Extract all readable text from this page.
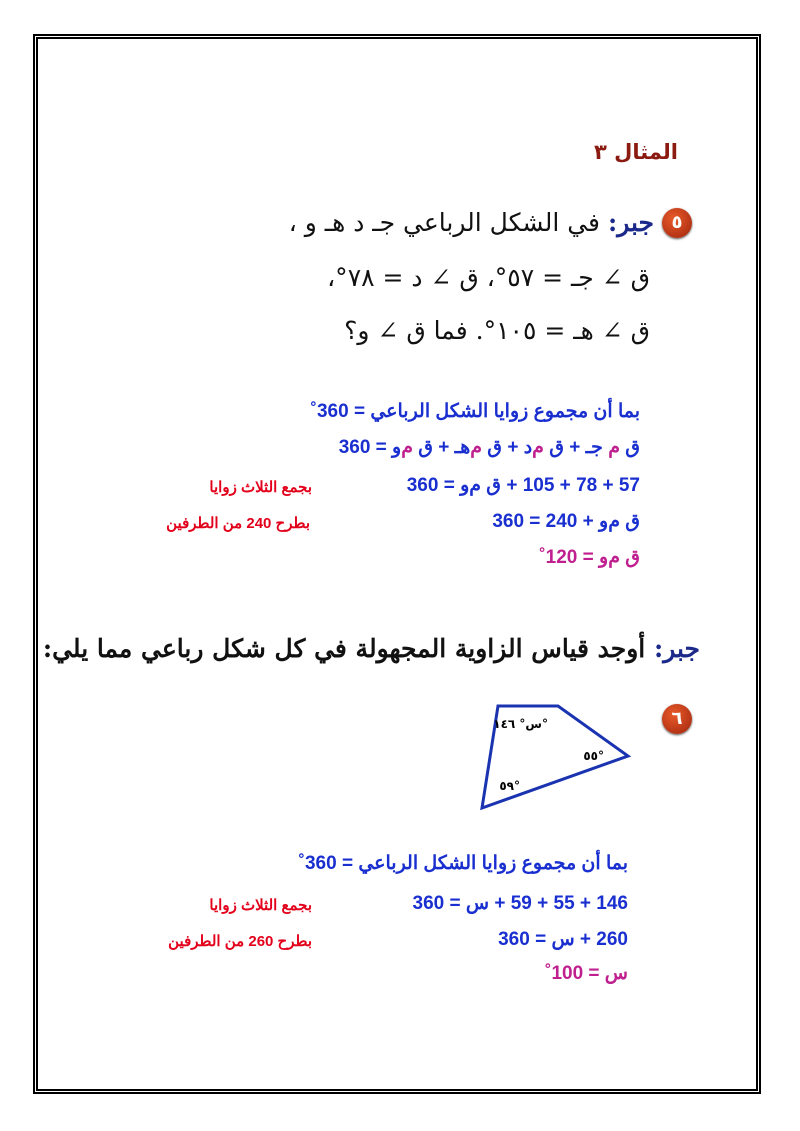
المثال ٣
٥
جبر: في الشكل الرباعي جـ د هـ و ،
ق ∠ جـ = ٥٧°، ق ∠ د = ٧٨°،
ق ∠ هـ = ١٠٥°. فما ق ∠ و؟
بما أن مجموع زوايا الشكل الرباعي = 360˚
ق ﻡ جـ + ق ﻡد + ق ﻡهـ + ق ﻡو = 360
57 + 78 + 105 + ق ﻡو = 360
بجمع الثلاث زوايا
ق ﻡو + 240 = 360
بطرح 240 من الطرفين
ق ﻡو = 120˚
جبر: أوجد قياس الزاوية المجهولة في كل شكل رباعي مما يلي:
٦
س° ١٤٦°
٥٥°
٥٩°
بما أن مجموع زوايا الشكل الرباعي = 360˚
146 + 55 + 59 + س = 360
بجمع الثلاث زوايا
260 + س = 360
بطرح 260 من الطرفين
س = 100˚
